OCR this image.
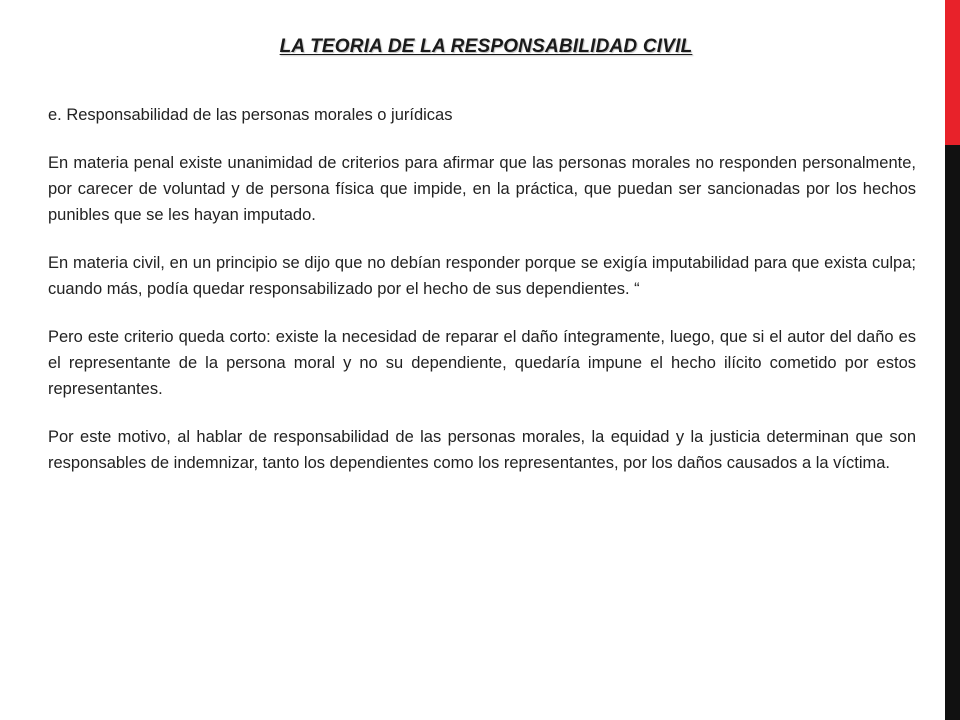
LA TEORIA DE LA RESPONSABILIDAD CIVIL

e. Responsabilidad de las personas morales o jurídicas

En materia penal existe unanimidad de criterios para afirmar que las personas morales no responden personalmente, por carecer de voluntad y de persona física que impide, en la práctica, que puedan ser sancionadas por los hechos punibles que se les hayan imputado.

En materia civil, en un principio se dijo que no debían responder porque se exigía imputabilidad para que exista culpa; cuando más, podía quedar responsabilizado por el hecho de sus dependientes. “

Pero este criterio queda corto: existe la necesidad de reparar el daño íntegramente, luego, que si el autor del daño es el representante de la persona moral y no su dependiente, quedaría impune el hecho ilícito cometido por estos representantes.

Por este motivo, al hablar de responsabilidad de las personas morales, la equidad y la justicia determinan que son responsables de indemnizar, tanto los dependientes como los representantes, por los daños causados a la víctima.
